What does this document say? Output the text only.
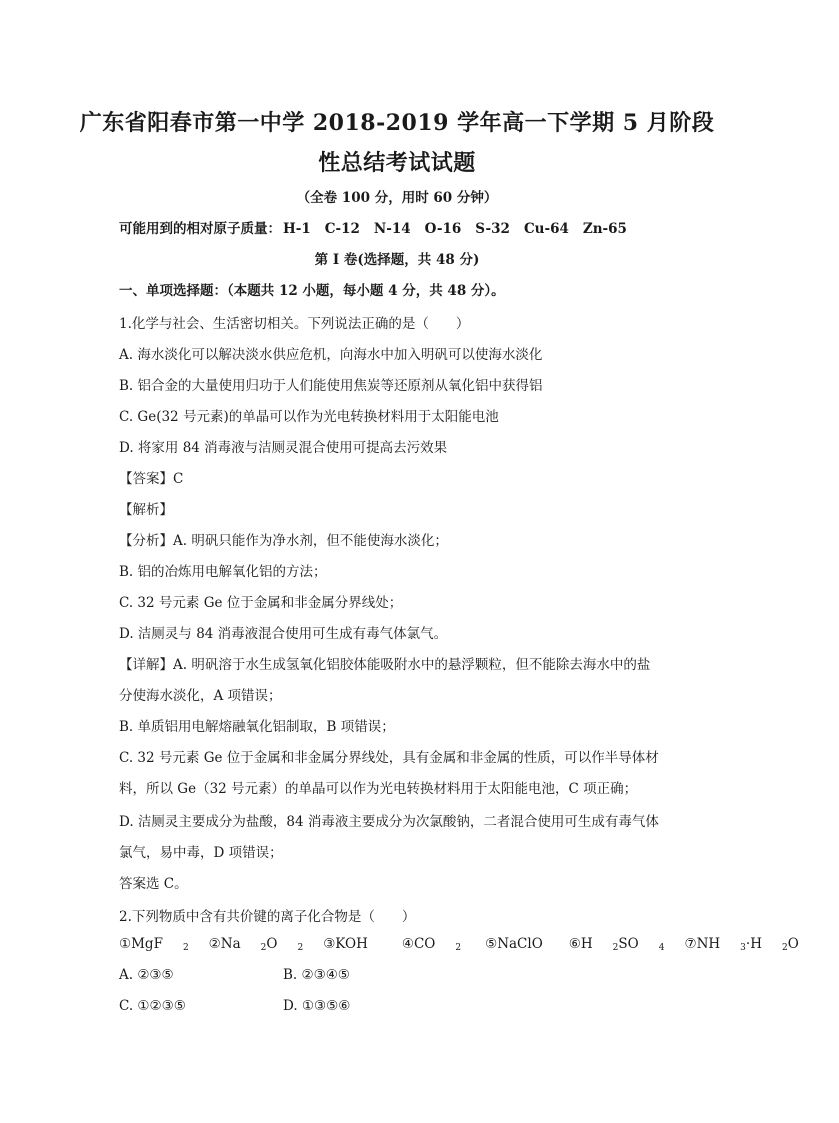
广东省阳春市第一中学 2018-2019 学年高一下学期 5 月阶段
性总结考试试题
（全卷 100 分，用时 60 分钟）
可能用到的相对原子质量： H-1 C-12 N-14 O-16 S-32 Cu-64 Zn-65
第 I 卷(选择题，共 48 分)
一、单项选择题：（本题共 12 小题，每小题 4 分，共 48 分）。
1.化学与社会、生活密切相关。下列说法正确的是（　　）
A. 海水淡化可以解决淡水供应危机，向海水中加入明矾可以使海水淡化
B. 铝合金的大量使用归功于人们能使用焦炭等还原剂从氧化铝中获得铝
C. Ge(32 号元素)的单晶可以作为光电转换材料用于太阳能电池
D. 将家用 84 消毒液与洁厕灵混合使用可提高去污效果
【答案】C
【解析】
【分析】A. 明矾只能作为净水剂，但不能使海水淡化；
B. 铝的冶炼用电解氧化铝的方法；
C. 32 号元素 Ge 位于金属和非金属分界线处；
D. 洁厕灵与 84 消毒液混合使用可生成有毒气体氯气。
【详解】A. 明矾溶于水生成氢氧化铝胶体能吸附水中的悬浮颗粒，但不能除去海水中的盐
分使海水淡化，A 项错误；
B. 单质铝用电解熔融氧化铝制取，B 项错误；
C. 32 号元素 Ge 位于金属和非金属分界线处，具有金属和非金属的性质，可以作半导体材
料，所以 Ge（32 号元素）的单晶可以作为光电转换材料用于太阳能电池，C 项正确；
D. 洁厕灵主要成分为盐酸，84 消毒液主要成分为次氯酸钠，二者混合使用可生成有毒气体
氯气，易中毒，D 项错误；
答案选 C。
2.下列物质中含有共价键的离子化合物是（　　）
①MgF $_2$ ②Na $_2$O $_2$ ③KOH	④CO $_2$ ⑤NaClO ⑥H $_2$SO $_4$ ⑦NH $_3$·H $_2$O
A. ②③⑤	B. ②③④⑤
C. ①②③⑤	D. ①③⑤⑥
